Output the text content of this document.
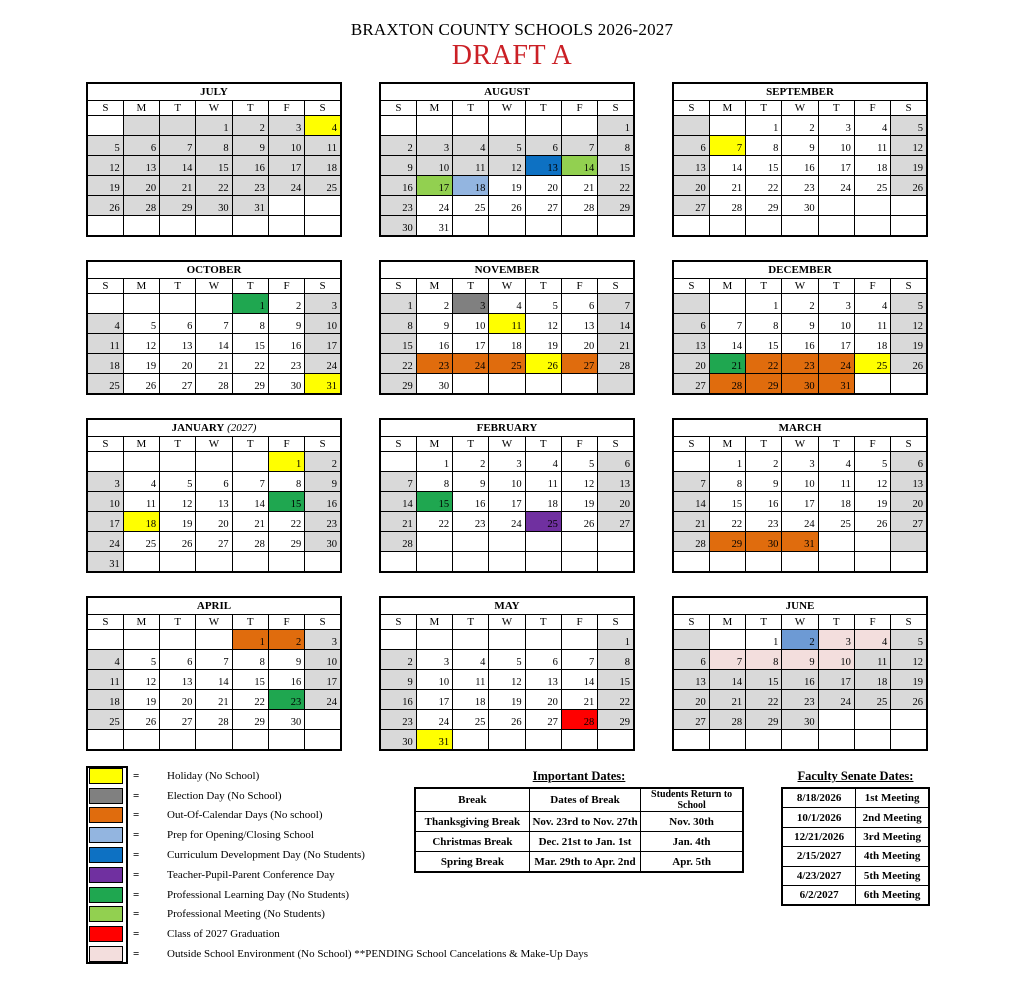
BRAXTON COUNTY SCHOOLS 2026-2027
DRAFT A
JULY						
S	M	T	W	T	F	S
			1	2	3	4
5	6	7	8	9	10	11
12	13	14	15	16	17	18
19	20	21	22	23	24	25
26	28	29	30	31		

AUGUST						
S	M	T	W	T	F	S
						1
2	3	4	5	6	7	8
9	10	11	12	13	14	15
16	17	18	19	20	21	22
23	24	25	26	27	28	29
30	31					
SEPTEMBER						
S	M	T	W	T	F	S
		1	2	3	4	5
6	7	8	9	10	11	12
13	14	15	16	17	18	19
20	21	22	23	24	25	26
27	28	29	30			

OCTOBER						
S	M	T	W	T	F	S
				1	2	3
4	5	6	7	8	9	10
11	12	13	14	15	16	17
18	19	20	21	22	23	24
25	26	27	28	29	30	31
NOVEMBER						
S	M	T	W	T	F	S
1	2	3	4	5	6	7
8	9	10	11	12	13	14
15	16	17	18	19	20	21
22	23	24	25	26	27	28
29	30					
DECEMBER						
S	M	T	W	T	F	S
		1	2	3	4	5
6	7	8	9	10	11	12
13	14	15	16	17	18	19
20	21	22	23	24	25	26
27	28	29	30	31		
JANUARY (2027)						
S	M	T	W	T	F	S
					1	2
3	4	5	6	7	8	9
10	11	12	13	14	15	16
17	18	19	20	21	22	23
24	25	26	27	28	29	30
31						
FEBRUARY						
S	M	T	W	T	F	S
	1	2	3	4	5	6
7	8	9	10	11	12	13
14	15	16	17	18	19	20
21	22	23	24	25	26	27
28						

MARCH						
S	M	T	W	T	F	S
	1	2	3	4	5	6
7	8	9	10	11	12	13
14	15	16	17	18	19	20
21	22	23	24	25	26	27
28	29	30	31			

APRIL						
S	M	T	W	T	F	S
				1	2	3
4	5	6	7	8	9	10
11	12	13	14	15	16	17
18	19	20	21	22	23	24
25	26	27	28	29	30	

MAY						
S	M	T	W	T	F	S
						1
2	3	4	5	6	7	8
9	10	11	12	13	14	15
16	17	18	19	20	21	22
23	24	25	26	27	28	29
30	31					
JUNE						
S	M	T	W	T	F	S
		1	2	3	4	5
6	7	8	9	10	11	12
13	14	15	16	17	18	19
20	21	22	23	24	25	26
27	28	29	30			

=	Holiday (No School)
=	Election Day (No School)
=	Out-Of-Calendar Days (No school)
=	Prep for Opening/Closing School
=	Curriculum Development Day (No Students)
=	Teacher-Pupil-Parent Conference Day
=	Professional Learning Day (No Students)
=	Professional Meeting (No Students)
=	Class of 2027 Graduation
=	Outside School Environment (No School) **PENDING School Cancelations & Make-Up Days
Important Dates:
Break	Dates of Break	Students Return to School
Thanksgiving Break	Nov. 23rd to Nov. 27th	Nov. 30th
Christmas Break	Dec. 21st to Jan. 1st	Jan. 4th
Spring Break	Mar. 29th to Apr. 2nd	Apr. 5th
Faculty Senate Dates:
8/18/2026	1st Meeting
10/1/2026	2nd Meeting
12/21/2026	3rd Meeting
2/15/2027	4th Meeting
4/23/2027	5th Meeting
6/2/2027	6th Meeting
